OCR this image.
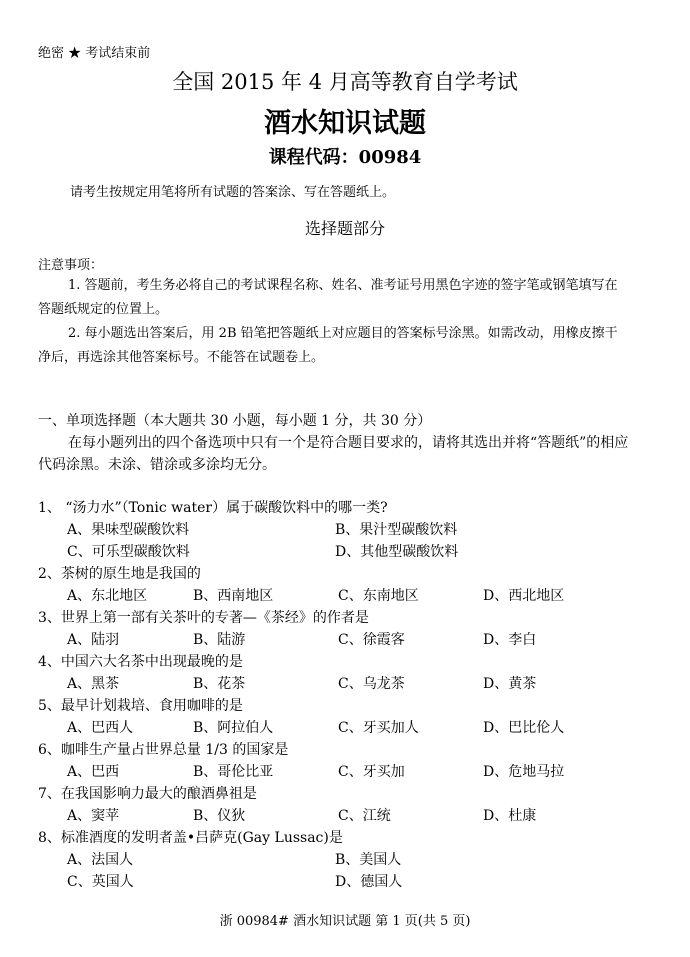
绝密 ★ 考试结束前
全国 2015 年 4 月高等教育自学考试
酒水知识试题
课程代码：00984
请考生按规定用笔将所有试题的答案涂、写在答题纸上。
选择题部分
注意事项：
1. 答题前，考生务必将自己的考试课程名称、姓名、准考证号用黑色字迹的签字笔或钢笔填写在答题纸规定的位置上。
2. 每小题选出答案后，用 2B 铅笔把答题纸上对应题目的答案标号涂黑。如需改动，用橡皮擦干净后，再选涂其他答案标号。不能答在试题卷上。
一、单项选择题（本大题共 30 小题，每小题 1 分，共 30 分）
在每小题列出的四个备选项中只有一个是符合题目要求的，请将其选出并将“答题纸”的相应代码涂黑。未涂、错涂或多涂均无分。
1、 “汤力水”（Tonic water）属于碳酸饮料中的哪一类?
A、果味型碳酸饮料	B、果汁型碳酸饮料
C、可乐型碳酸饮料	D、其他型碳酸饮料
2、茶树的原生地是我国的
A、东北地区	B、西南地区	C、东南地区	D、西北地区
3、世界上第一部有关茶叶的专著—《茶经》的作者是
A、陆羽	B、陆游	C、徐霞客	D、李白
4、中国六大名茶中出现最晚的是
A、黑茶	B、花茶	C、乌龙茶	D、黄茶
5、最早计划栽培、食用咖啡的是
A、巴西人	B、阿拉伯人	C、牙买加人	D、巴比伦人
6、咖啡生产量占世界总量 1/3 的国家是
A、巴西	B、哥伦比亚	C、牙买加	D、危地马拉
7、在我国影响力最大的酿酒鼻祖是
A、窦苹	B、仪狄	C、江统	D、杜康
8、标准酒度的发明者盖•吕萨克(Gay Lussac)是
A、法国人	B、美国人
C、英国人	D、德国人
浙 00984# 酒水知识试题 第 1 页(共 5 页)
